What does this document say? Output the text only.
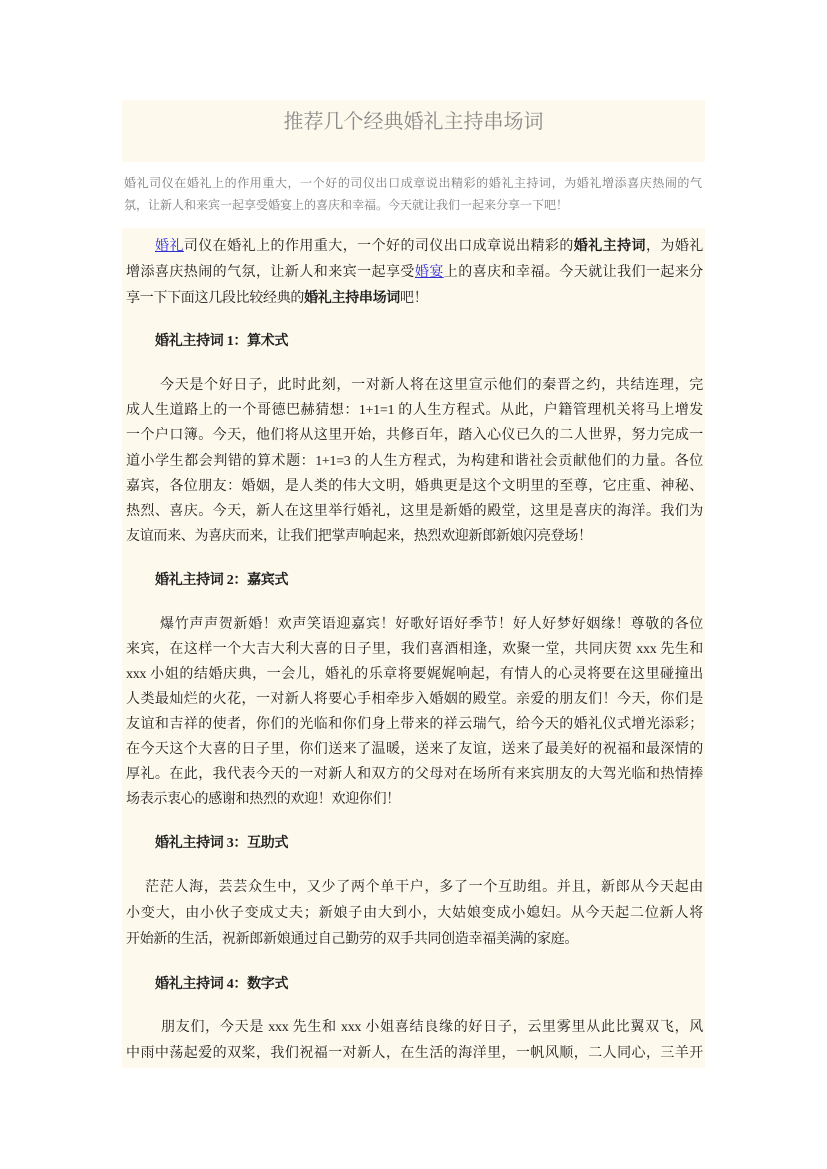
推荐几个经典婚礼主持串场词
婚礼司仪在婚礼上的作用重大，一个好的司仪出口成章说出精彩的婚礼主持词，为婚礼增添喜庆热闹的气
氛，让新人和来宾一起享受婚宴上的喜庆和幸福。今天就让我们一起来分享一下吧！
婚礼司仪在婚礼上的作用重大，一个好的司仪出口成章说出精彩的婚礼主持词，为婚礼
增添喜庆热闹的气氛，让新人和来宾一起享受婚宴上的喜庆和幸福。今天就让我们一起来分
享一下下面这几段比较经典的婚礼主持串场词吧！
婚礼主持词 1：算术式
今天是个好日子，此时此刻，一对新人将在这里宣示他们的秦晋之约，共结连理，完
成人生道路上的一个哥德巴赫猜想：1+1=1 的人生方程式。从此，户籍管理机关将马上增发
一个户口簿。今天，他们将从这里开始，共修百年，踏入心仪已久的二人世界，努力完成一
道小学生都会判错的算术题：1+1=3 的人生方程式，为构建和谐社会贡献他们的力量。各位
嘉宾，各位朋友：婚姻，是人类的伟大文明，婚典更是这个文明里的至尊，它庄重、神秘、
热烈、喜庆。今天，新人在这里举行婚礼，这里是新婚的殿堂，这里是喜庆的海洋。我们为
友谊而来、为喜庆而来，让我们把掌声响起来，热烈欢迎新郎新娘闪亮登场！
婚礼主持词 2：嘉宾式
爆竹声声贺新婚！欢声笑语迎嘉宾！好歌好语好季节！好人好梦好姻缘！尊敬的各位
来宾，在这样一个大吉大利大喜的日子里，我们喜酒相逢，欢聚一堂，共同庆贺 xxx 先生和
xxx 小姐的结婚庆典，一会儿，婚礼的乐章将要娓娓响起，有情人的心灵将要在这里碰撞出
人类最灿烂的火花，一对新人将要心手相牵步入婚姻的殿堂。亲爱的朋友们！今天，你们是
友谊和吉祥的使者，你们的光临和你们身上带来的祥云瑞气，给今天的婚礼仪式增光添彩；
在今天这个大喜的日子里，你们送来了温暖，送来了友谊，送来了最美好的祝福和最深情的
厚礼。在此，我代表今天的一对新人和双方的父母对在场所有来宾朋友的大驾光临和热情捧
场表示衷心的感谢和热烈的欢迎！欢迎你们！
婚礼主持词 3：互助式
茫茫人海，芸芸众生中，又少了两个单干户，多了一个互助组。并且，新郎从今天起由
小变大，由小伙子变成丈夫；新娘子由大到小，大姑娘变成小媳妇。从今天起二位新人将
开始新的生活，祝新郎新娘通过自己勤劳的双手共同创造幸福美满的家庭。
婚礼主持词 4：数字式
朋友们，今天是 xxx 先生和 xxx 小姐喜结良缘的好日子，云里雾里从此比翼双飞，风
中雨中荡起爱的双桨，我们祝福一对新人，在生活的海洋里，一帆风顺，二人同心，三羊开
